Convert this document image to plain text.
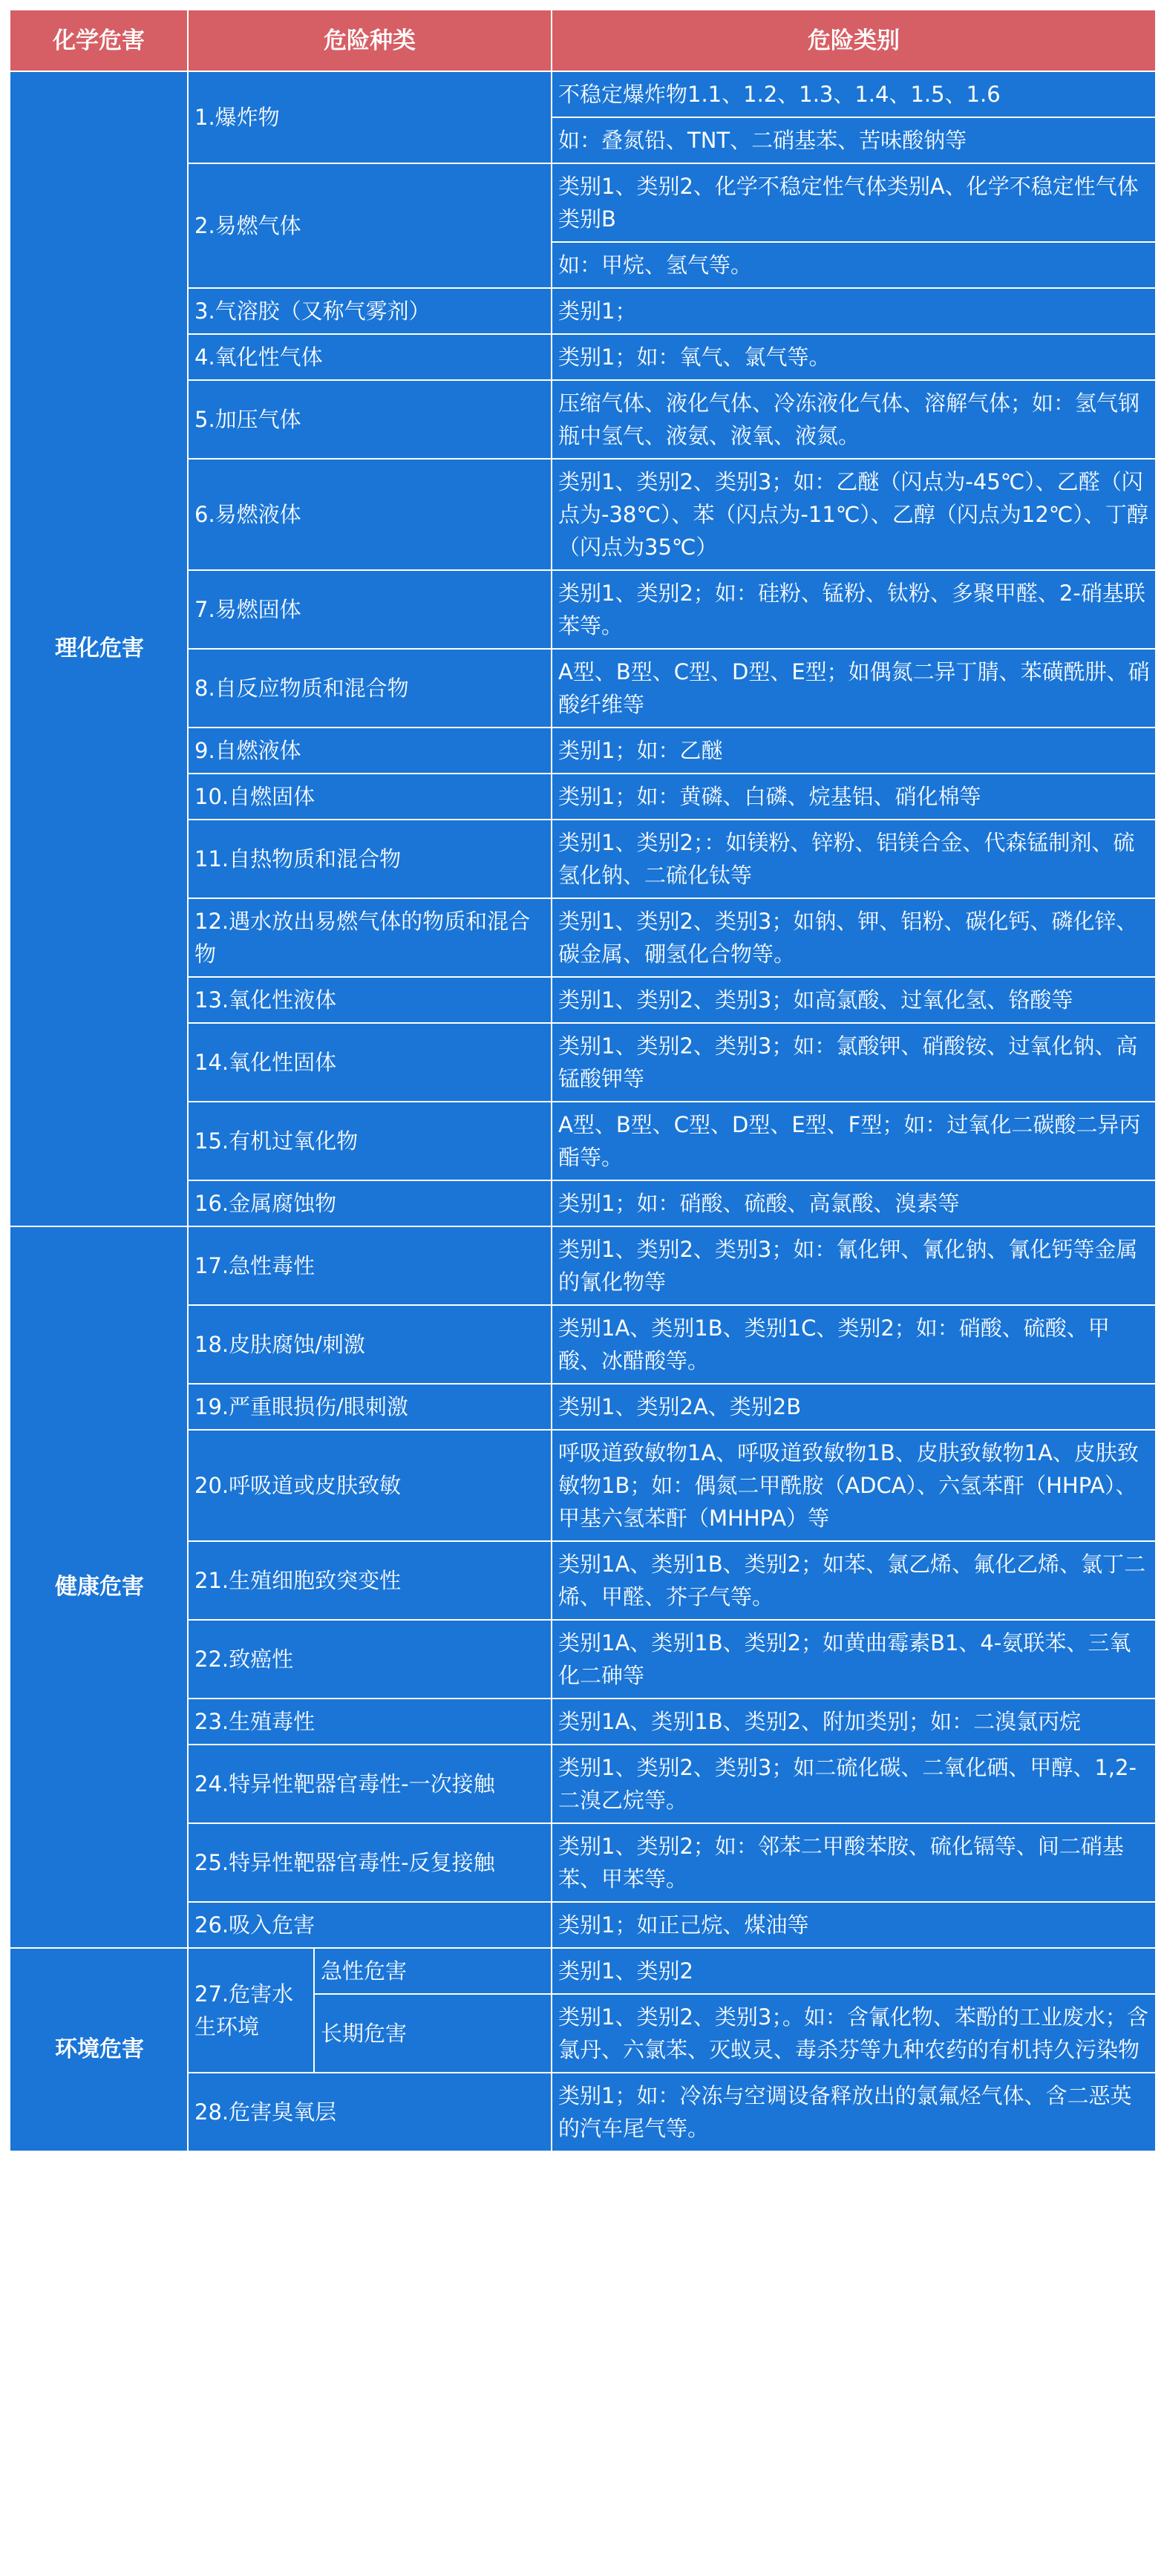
化学危害	危险种类		危险类别
理化危害	1.爆炸物		不稳定爆炸物1.1、1.2、1.3、1.4、1.5、1.6
			如：叠氮铅、TNT、二硝基苯、苦味酸钠等
	2.易燃气体		类别1、类别2、化学不稳定性气体类别A、化学不稳定性气体类别B
			如：甲烷、氢气等。
	3.气溶胶（又称气雾剂）		类别1；
	4.氧化性气体		类别1；如：氧气、氯气等。
	5.加压气体		压缩气体、液化气体、冷冻液化气体、溶解气体；如：氢气钢瓶中氢气、液氨、液氧、液氮。
	6.易燃液体		类别1、类别2、类别3；如：乙醚（闪点为-45℃）、乙醛（闪点为-38℃）、苯（闪点为-11℃）、乙醇（闪点为12℃）、丁醇（闪点为35℃）
	7.易燃固体		类别1、类别2；如：硅粉、锰粉、钛粉、多聚甲醛、2-硝基联苯等。
	8.自反应物质和混合物		A型、B型、C型、D型、E型；如偶氮二异丁腈、苯磺酰肼、硝酸纤维等
	9.自燃液体		类别1；如：乙醚
	10.自燃固体		类别1；如：黄磷、白磷、烷基铝、硝化棉等
	11.自热物质和混合物		类别1、类别2；：如镁粉、锌粉、铝镁合金、代森锰制剂、硫氢化钠、二硫化钛等
	12.遇水放出易燃气体的物质和混合物		类别1、类别2、类别3；如钠、钾、铝粉、碳化钙、磷化锌、碳金属、硼氢化合物等。
	13.氧化性液体		类别1、类别2、类别3；如高氯酸、过氧化氢、铬酸等
	14.氧化性固体		类别1、类别2、类别3；如：氯酸钾、硝酸铵、过氧化钠、高锰酸钾等
	15.有机过氧化物		A型、B型、C型、D型、E型、F型；如：过氧化二碳酸二异丙酯等。
	16.金属腐蚀物		类别1；如：硝酸、硫酸、高氯酸、溴素等
健康危害	17.急性毒性		类别1、类别2、类别3；如：氰化钾、氰化钠、氰化钙等金属的氰化物等
	18.皮肤腐蚀/刺激		类别1A、类别1B、类别1C、类别2；如：硝酸、硫酸、甲酸、冰醋酸等。
	19.严重眼损伤/眼刺激		类别1、类别2A、类别2B
	20.呼吸道或皮肤致敏		呼吸道致敏物1A、呼吸道致敏物1B、皮肤致敏物1A、皮肤致敏物1B；如：偶氮二甲酰胺（ADCA）、六氢苯酐（HHPA）、甲基六氢苯酐（MHHPA）等
	21.生殖细胞致突变性		类别1A、类别1B、类别2；如苯、氯乙烯、氟化乙烯、氯丁二烯、甲醛、芥子气等。
	22.致癌性		类别1A、类别1B、类别2；如黄曲霉素B1、4-氨联苯、三氧化二砷等
	23.生殖毒性		类别1A、类别1B、类别2、附加类别；如：二溴氯丙烷
	24.特异性靶器官毒性-一次接触		类别1、类别2、类别3；如二硫化碳、二氧化硒、甲醇、1,2-二溴乙烷等。
	25.特异性靶器官毒性-反复接触		类别1、类别2；如：邻苯二甲酸苯胺、硫化镉等、间二硝基苯、甲苯等。
	26.吸入危害		类别1；如正己烷、煤油等
环境危害	27.危害水生环境	急性危害	类别1、类别2
		长期危害	类别1、类别2、类别3；。如：含氰化物、苯酚的工业废水；含氯丹、六氯苯、灭蚁灵、毒杀芬等九种农药的有机持久污染物
	28.危害臭氧层		类别1；如：冷冻与空调设备释放出的氯氟烃气体、含二恶英的汽车尾气等。
